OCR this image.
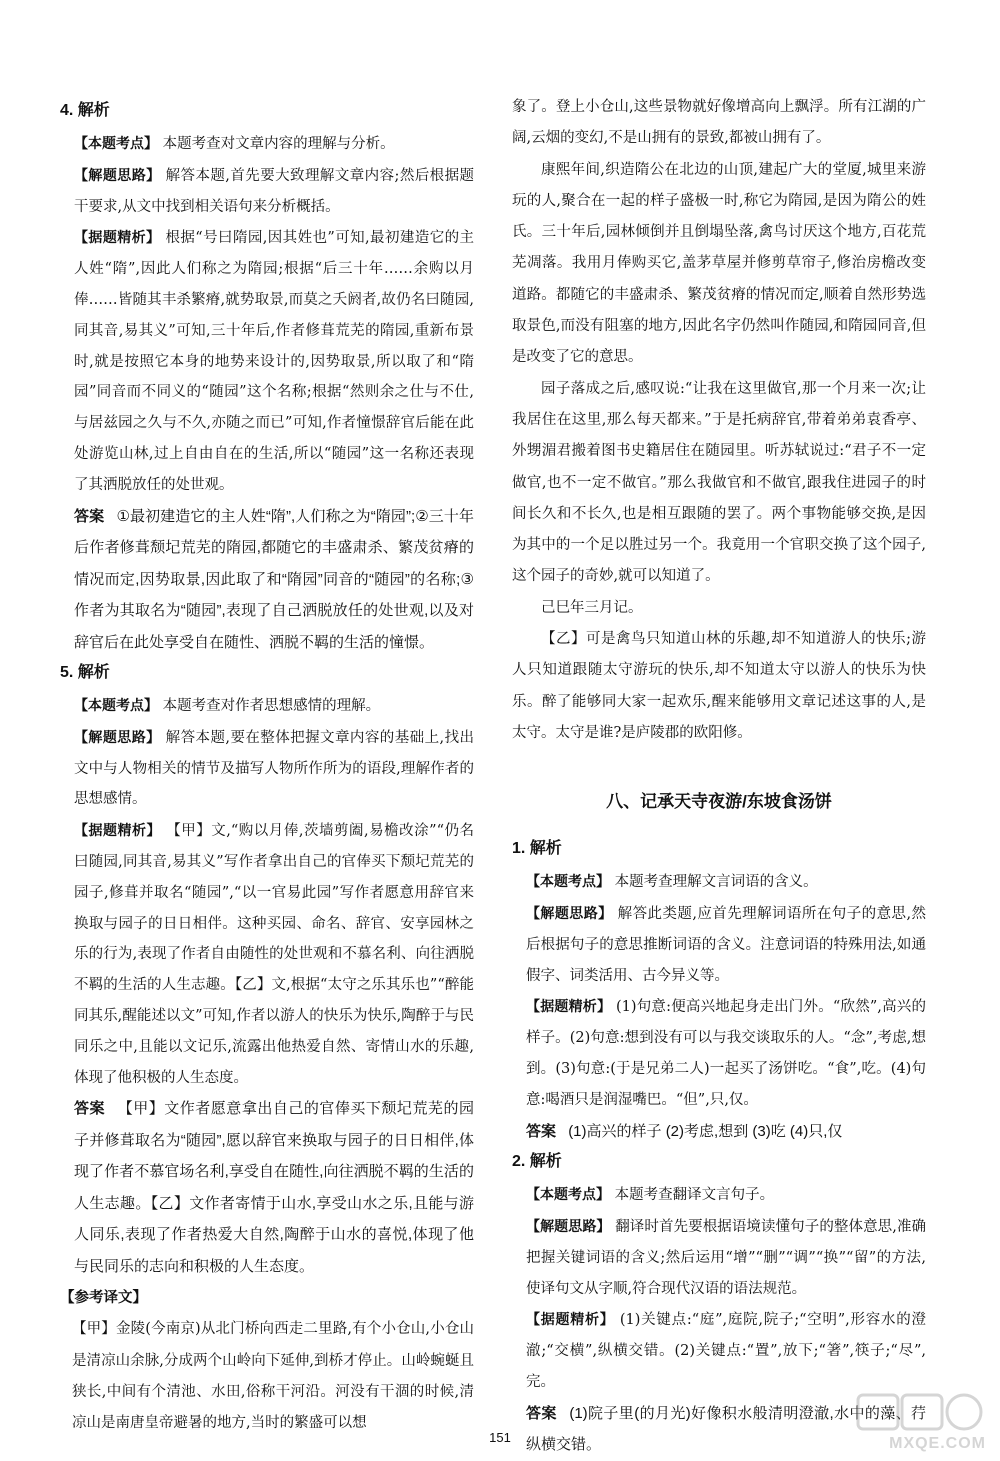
4. 解析

【本题考点】 本题考查对文章内容的理解与分析。

【解题思路】 解答本题,首先要大致理解文章内容;然后根据题干要求,从文中找到相关语句来分析概括。

【据题精析】 根据“号曰隋园,因其姓也”可知,最初建造它的主人姓“隋”,因此人们称之为隋园;根据“后三十年……余购以月俸……皆随其丰杀繁瘠,就势取景,而莫之夭阏者,故仍名曰随园,同其音,易其义”可知,三十年后,作者修葺荒芜的隋园,重新布景时,就是按照它本身的地势来设计的,因势取景,所以取了和“隋园”同音而不同义的“随园”这个名称;根据“然则余之仕与不仕,与居兹园之久与不久,亦随之而已”可知,作者憧憬辞官后能在此处游览山林,过上自由自在的生活,所以“随园”这一名称还表现了其洒脱放任的处世观。

答案 ①最初建造它的主人姓“隋”,人们称之为“隋园”;②三十年后作者修葺颓圮荒芜的隋园,都随它的丰盛肃杀、繁茂贫瘠的情况而定,因势取景,因此取了和“隋园”同音的“随园”的名称;③作者为其取名为“随园”,表现了自己洒脱放任的处世观,以及对辞官后在此处享受自在随性、洒脱不羁的生活的憧憬。

5. 解析

【本题考点】 本题考查对作者思想感情的理解。

【解题思路】 解答本题,要在整体把握文章内容的基础上,找出文中与人物相关的情节及描写人物所作所为的语段,理解作者的思想感情。

【据题精析】 【甲】文,“购以月俸,茨墙剪阖,易檐改涂”“仍名曰随园,同其音,易其义”写作者拿出自己的官俸买下颓圮荒芜的园子,修葺并取名“随园”,“以一官易此园”写作者愿意用辞官来换取与园子的日日相伴。这种买园、命名、辞官、安享园林之乐的行为,表现了作者自由随性的处世观和不慕名利、向往洒脱不羁的生活的人生志趣。【乙】文,根据“太守之乐其乐也”“醉能同其乐,醒能述以文”可知,作者以游人的快乐为快乐,陶醉于与民同乐之中,且能以文记乐,流露出他热爱自然、寄情山水的乐趣,体现了他积极的人生态度。

答案 【甲】文作者愿意拿出自己的官俸买下颓圮荒芜的园子并修葺取名为“随园”,愿以辞官来换取与园子的日日相伴,体现了作者不慕官场名利,享受自在随性,向往洒脱不羁的生活的人生志趣。【乙】文作者寄情于山水,享受山水之乐,且能与游人同乐,表现了作者热爱大自然,陶醉于山水的喜悦,体现了他与民同乐的志向和积极的人生态度。

【参考译文】

【甲】金陵(今南京)从北门桥向西走二里路,有个小仓山,小仓山是清凉山余脉,分成两个山岭向下延伸,到桥才停止。山岭蜿蜒且狭长,中间有个清池、水田,俗称干河沿。河没有干涸的时候,清凉山是南唐皇帝避暑的地方,当时的繁盛可以想

象了。登上小仓山,这些景物就好像增高向上飘浮。所有江湖的广阔,云烟的变幻,不是山拥有的景致,都被山拥有了。

康熙年间,织造隋公在北边的山顶,建起广大的堂厦,城里来游玩的人,聚合在一起的样子盛极一时,称它为隋园,是因为隋公的姓氏。三十年后,园林倾倒并且倒塌坠落,禽鸟讨厌这个地方,百花荒芜凋落。我用月俸购买它,盖茅草屋并修剪草帘子,修治房檐改变道路。都随它的丰盛肃杀、繁茂贫瘠的情况而定,顺着自然形势选取景色,而没有阻塞的地方,因此名字仍然叫作随园,和隋园同音,但是改变了它的意思。

园子落成之后,感叹说:“让我在这里做官,那一个月来一次;让我居住在这里,那么每天都来。”于是托病辞官,带着弟弟袁香亭、外甥湄君搬着图书史籍居住在随园里。听苏轼说过:“君子不一定做官,也不一定不做官。”那么我做官和不做官,跟我住进园子的时间长久和不长久,也是相互跟随的罢了。两个事物能够交换,是因为其中的一个足以胜过另一个。我竟用一个官职交换了这个园子,这个园子的奇妙,就可以知道了。

己巳年三月记。

【乙】可是禽鸟只知道山林的乐趣,却不知道游人的快乐;游人只知道跟随太守游玩的快乐,却不知道太守以游人的快乐为快乐。醉了能够同大家一起欢乐,醒来能够用文章记述这事的人,是太守。太守是谁?是庐陵郡的欧阳修。

八、记承天寺夜游/东坡食汤饼
1. 解析

【本题考点】 本题考查理解文言词语的含义。

【解题思路】 解答此类题,应首先理解词语所在句子的意思,然后根据句子的意思推断词语的含义。注意词语的特殊用法,如通假字、词类活用、古今异义等。

【据题精析】 (1)句意:便高兴地起身走出门外。“欣然”,高兴的样子。(2)句意:想到没有可以与我交谈取乐的人。“念”,考虑,想到。(3)句意:(于是兄弟二人)一起买了汤饼吃。“食”,吃。(4)句意:喝酒只是润湿嘴巴。“但”,只,仅。

答案 (1)高兴的样子 (2)考虑,想到 (3)吃 (4)只,仅

2. 解析

【本题考点】 本题考查翻译文言句子。

【解题思路】 翻译时首先要根据语境读懂句子的整体意思,准确把握关键词语的含义;然后运用“增”“删”“调”“换”“留”的方法,使译句文从字顺,符合现代汉语的语法规范。

【据题精析】 (1)关键点:“庭”,庭院,院子;“空明”,形容水的澄澈;“交横”,纵横交错。(2)关键点:“置”,放下;“箸”,筷子;“尽”,完。

答案 (1)院子里(的月光)好像积水般清明澄澈,水中的藻、荇纵横交错。

151	MXQE.COM
